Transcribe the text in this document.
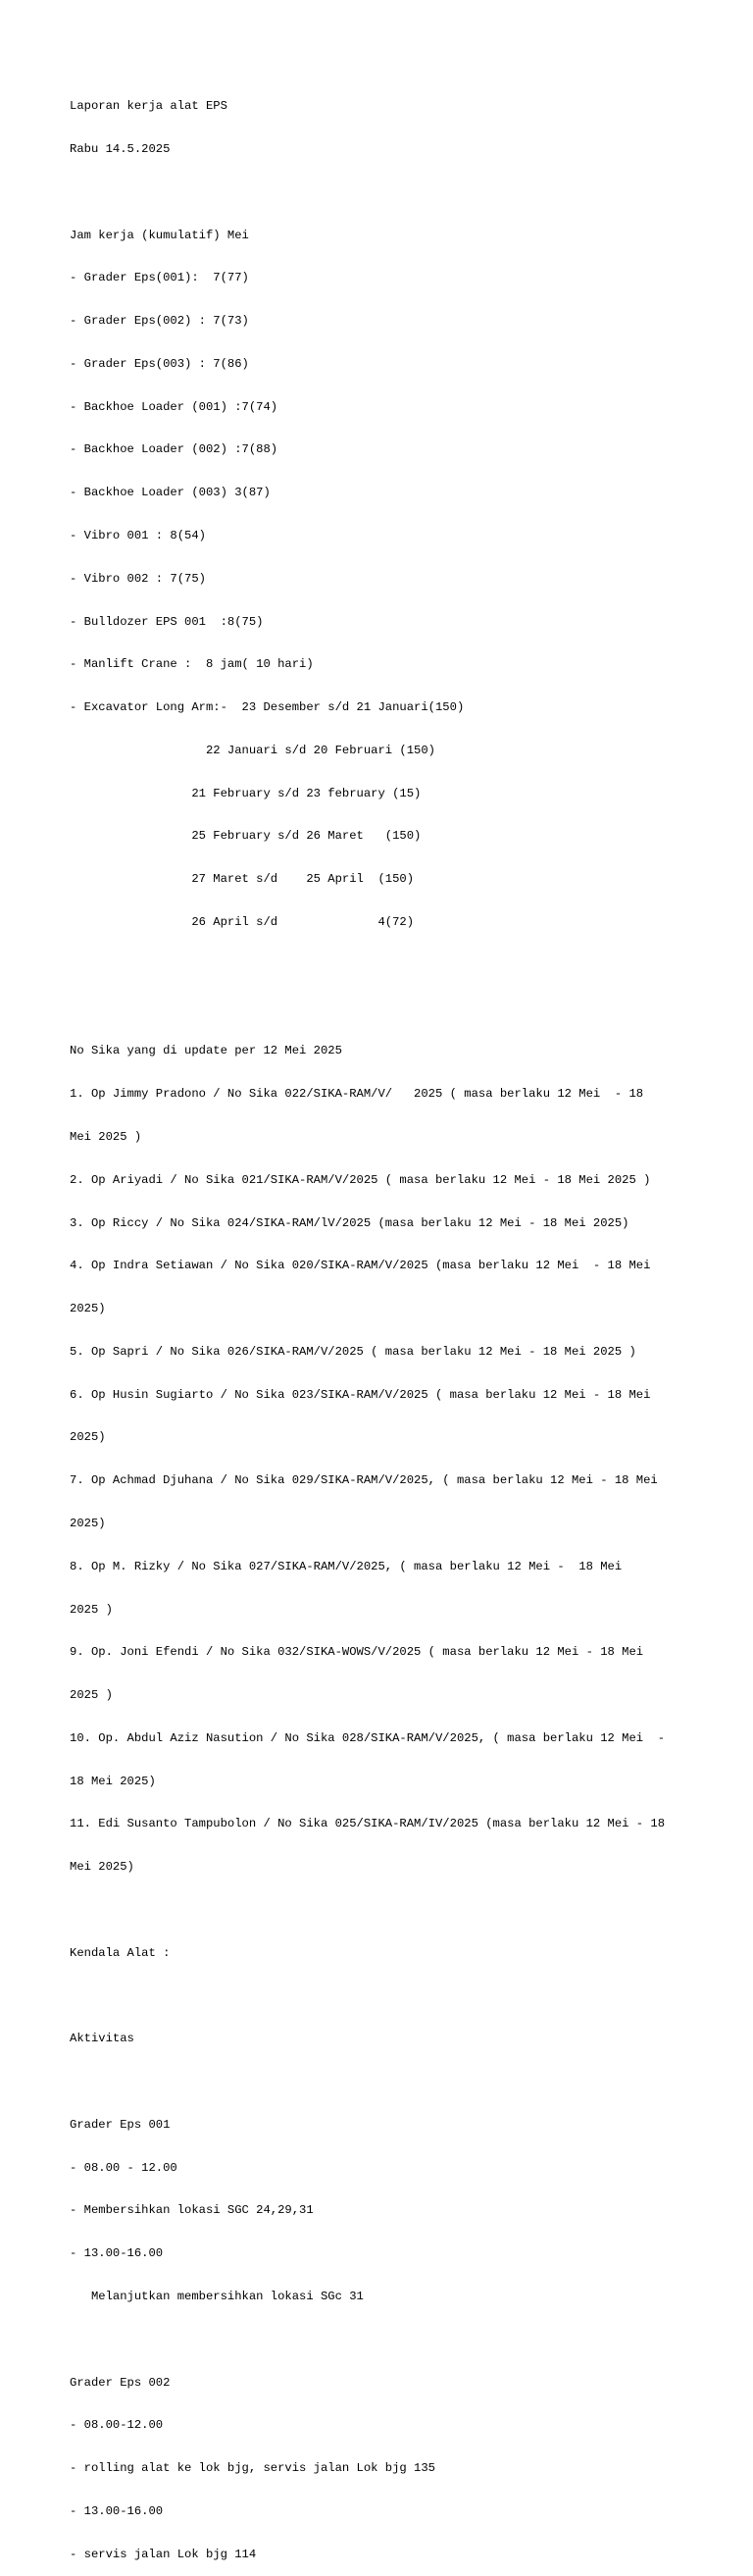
Laporan kerja alat EPS

Rabu 14.5.2025

Jam kerja (kumulatif) Mei

- Grader Eps(001):  7(77)

- Grader Eps(002) : 7(73)

- Grader Eps(003) : 7(86)

- Backhoe Loader (001) :7(74)

- Backhoe Loader (002) :7(88)

- Backhoe Loader (003) 3(87)

- Vibro 001 : 8(54)

- Vibro 002 : 7(75)

- Bulldozer EPS 001  :8(75)

- Manlift Crane :  8 jam( 10 hari)

- Excavator Long Arm:-  23 Desember s/d 21 Januari(150)

22 Januari s/d 20 Februari (150)

21 February s/d 23 february (15)

25 February s/d 26 Maret   (150)

27 Maret s/d    25 April  (150)

26 April s/d              4(72)

No Sika yang di update per 12 Mei 2025

1. Op Jimmy Pradono / No Sika 022/SIKA-RAM/V/   2025 ( masa berlaku 12 Mei  - 18

Mei 2025 )

2. Op Ariyadi / No Sika 021/SIKA-RAM/V/2025 ( masa berlaku 12 Mei - 18 Mei 2025 )

3. Op Riccy / No Sika 024/SIKA-RAM/lV/2025 (masa berlaku 12 Mei - 18 Mei 2025)

4. Op Indra Setiawan / No Sika 020/SIKA-RAM/V/2025 (masa berlaku 12 Mei  - 18 Mei

2025)

5. Op Sapri / No Sika 026/SIKA-RAM/V/2025 ( masa berlaku 12 Mei - 18 Mei 2025 )

6. Op Husin Sugiarto / No Sika 023/SIKA-RAM/V/2025 ( masa berlaku 12 Mei - 18 Mei

2025)

7. Op Achmad Djuhana / No Sika 029/SIKA-RAM/V/2025, ( masa berlaku 12 Mei - 18 Mei

2025)

8. Op M. Rizky / No Sika 027/SIKA-RAM/V/2025, ( masa berlaku 12 Mei -  18 Mei

2025 )

9. Op. Joni Efendi / No Sika 032/SIKA-WOWS/V/2025 ( masa berlaku 12 Mei - 18 Mei

2025 )

10. Op. Abdul Aziz Nasution / No Sika 028/SIKA-RAM/V/2025, ( masa berlaku 12 Mei  -

18 Mei 2025)

11. Edi Susanto Tampubolon / No Sika 025/SIKA-RAM/IV/2025 (masa berlaku 12 Mei - 18

Mei 2025)

Kendala Alat :

Aktivitas

Grader Eps 001

- 08.00 - 12.00

- Membersihkan lokasi SGC 24,29,31

- 13.00-16.00

Melanjutkan membersihkan lokasi SGc 31

Grader Eps 002

- 08.00-12.00

- rolling alat ke lok bjg, servis jalan Lok bjg 135

- 13.00-16.00

- servis jalan Lok bjg 114
